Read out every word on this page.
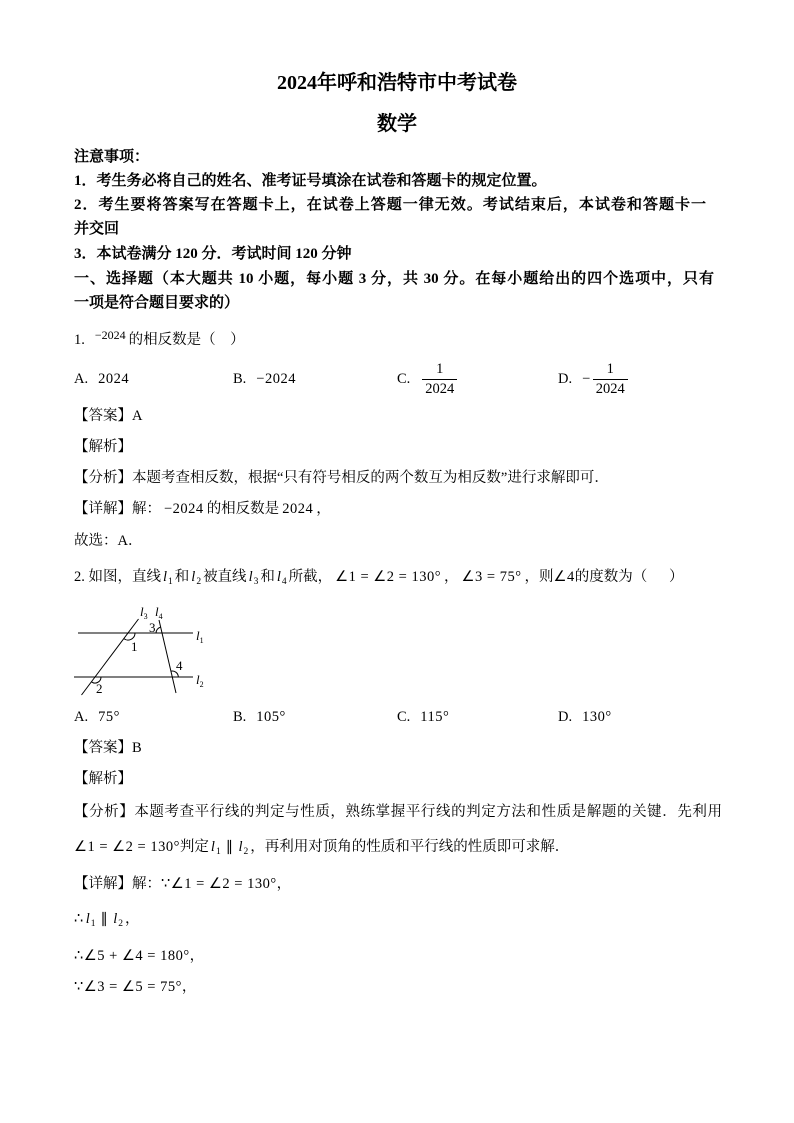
2024年呼和浩特市中考试卷
数学
注意事项：
1．考生务必将自己的姓名、准考证号填涂在试卷和答题卡的规定位置。
2．考生要将答案写在答题卡上，在试卷上答题一律无效。考试结束后，本试卷和答题卡一
并交回
3．本试卷满分 120 分．考试时间 120 分钟
一、选择题（本大题共 10 小题，每小题 3 分，共 30 分。在每小题给出的四个选项中，只有
一项是符合题目要求的）
1. $^{-2024}$ 的相反数是（    ）
A. 2024	B. −2024	C. $\frac{1}{2024}$	D. − $\frac{1}{2024}$
【答案】A
【解析】
【分析】本题考查相反数，根据“只有符号相反的两个数互为相反数”进行求解即可．
【详解】解： −2024 的相反数是 2024 ，
故选：A．
2. 如图，直线 $l_1$ 和 $l_2$ 被直线 $l_3$ 和 $l_4$ 所截， ∠1 = ∠2 = 130° ， ∠3 = 75° ，则∠4的度数为（      ）
$l_3$ $l_4$
$l_1$
$l_2$
1
2
3
4
A. 75°	B. 105°	C. 115°	D. 130°
【答案】B
【解析】
【分析】本题考查平行线的判定与性质，熟练掌握平行线的判定方法和性质是解题的关键．先利用
∠1 = ∠2 = 130°判定 $l_1$ ∥ $l_2$ ，再利用对顶角的性质和平行线的性质即可求解．
【详解】解：∵∠1 = ∠2 = 130°，
∴ $l_1$ ∥ $l_2$ ，
∴∠5 + ∠4 = 180°，
∵∠3 = ∠5 = 75°，
